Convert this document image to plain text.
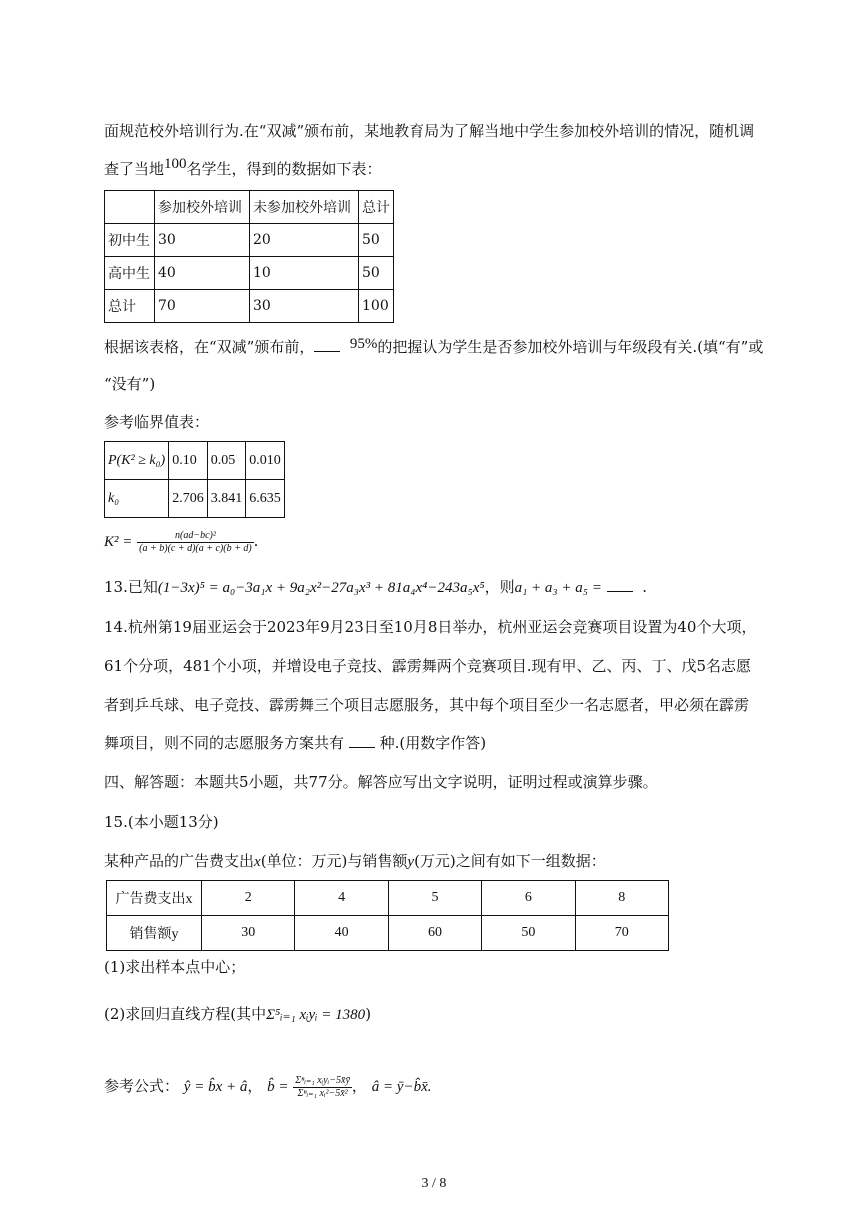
面规范校外培训行为.在“双减”颁布前，某地教育局为了解当地中学生参加校外培训的情况，随机调
查了当地100名学生，得到的数据如下表：
	参加校外培训	未参加校外培训	总计
初中生	30	20	50
高中生	40	10	50
总计	70	30	100
根据该表格，在“双减”颁布前， 95%的把握认为学生是否参加校外培训与年级段有关.(填“有”或
“没有”)
参考临界值表：
P(K² ≥ k₀)	0.10	0.05	0.010
k₀	2.706	3.841	6.635
$K^2 = \frac{\text{n(ad−bc)²}}{(a + b)(c + d)(a + c)(b + d)}$ .
13.已知(1−3x)⁵ = a₀−3a₁x + 9a₂x²−27a₃x³ + 81a₄x⁴−243a₅x⁵，则a₁ + a₃ + a₅ =	.
14.杭州第19届亚运会于2023年9月23日至10月8日举办，杭州亚运会竞赛项目设置为40个大项，
61个分项，481个小项，并增设电子竞技、霹雳舞两个竞赛项目.现有甲、乙、丙、丁、戊5名志愿
者到乒乓球、电子竞技、霹雳舞三个项目志愿服务，其中每个项目至少一名志愿者，甲必须在霹雳
舞项目，则不同的志愿服务方案共有 种.(用数字作答)
四、解答题：本题共5小题，共77分。解答应写出文字说明，证明过程或演算步骤。
15.(本小题13分)
某种产品的广告费支出x(单位：万元)与销售额y(万元)之间有如下一组数据：
广告费支出x	2	4	5	6	8
销售额y	30	40	60	50	70
(1)求出样本点中心；
(2)求回归直线方程(其中Σ⁵ᵢ₌₁ xᵢyᵢ = 1380)
参考公式： ŷ = b̂x + â， b̂ = $\frac{\text{Σⁿᵢ₌₁ xᵢyᵢ−5x̄ȳ}}{\text{Σⁿᵢ₌₁ xᵢ²−5x̄²}}$ ， â = ȳ−b̂x̄.
3 / 8
